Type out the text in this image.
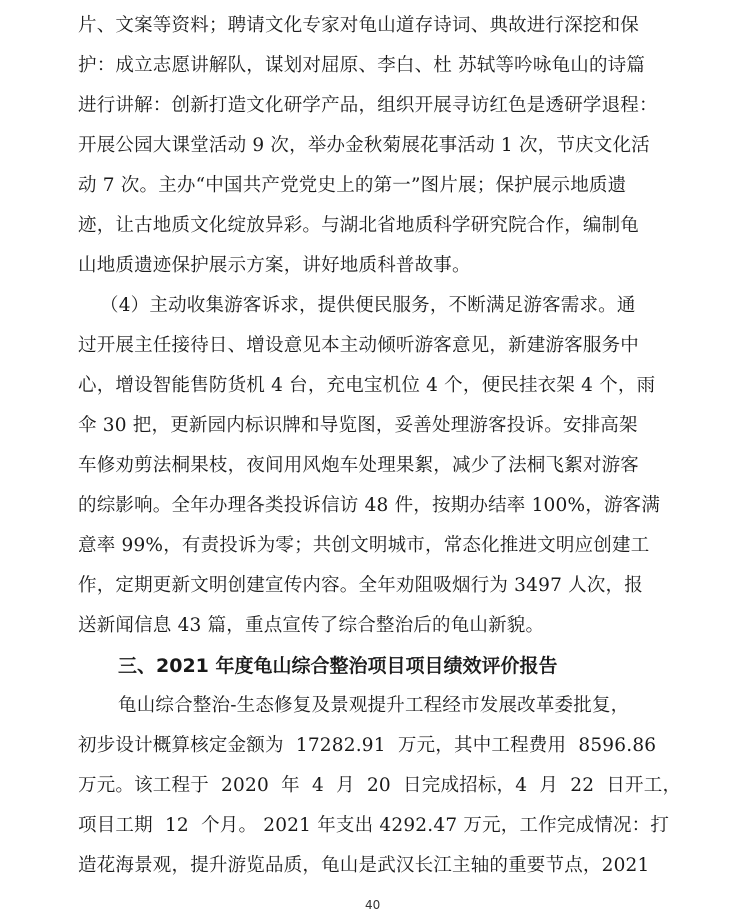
片、文案等资料；聘请文化专家对龟山道存诗词、典故进行深挖和保
护：成立志愿讲解队，谋划对屈原、李白、杜 苏轼等吟咏龟山的诗篇
进行讲解：创新打造文化研学产品，组织开展寻访红色是透研学退程：
开展公园大课堂活动 9 次，举办金秋菊展花事活动 1 次，节庆文化活
动 7 次。主办“中国共产党党史上的第一”图片展；保护展示地质遗
迹，让古地质文化绽放异彩。与湖北省地质科学研究院合作，编制龟
山地质遗迹保护展示方案，讲好地质科普故事。
（4）主动收集游客诉求，提供便民服务，不断满足游客需求。通
过开展主任接待日、增设意见本主动倾听游客意见，新建游客服务中
心，增设智能售防货机 4 台，充电宝机位 4 个，便民挂衣架 4 个，雨
伞 30 把，更新园内标识牌和导览图，妥善处理游客投诉。安排高架
车修劝剪法桐果枝，夜间用风炮车处理果絮，减少了法桐飞絮对游客
的综影响。全年办理各类投诉信访 48 件，按期办结率 100%，游客满
意率 99%，有责投诉为零；共创文明城市，常态化推进文明应创建工
作，定期更新文明创建宣传内容。全年劝阻吸烟行为 3497 人次，报
送新闻信息 43 篇，重点宣传了综合整治后的龟山新貌。
三、2021 年度龟山综合整治项目项目绩效评价报告
龟山综合整治-生态修复及景观提升工程经市发展改革委批复，
初步设计概算核定金额为  17282.91  万元，其中工程费用  8596.86
万元。该工程于  2020  年  4  月  20  日完成招标，4  月  22  日开工，
项目工期  12  个月。 2021 年支出 4292.47 万元，工作完成情况：打
造花海景观，提升游览品质，龟山是武汉长江主轴的重要节点，2021
40
